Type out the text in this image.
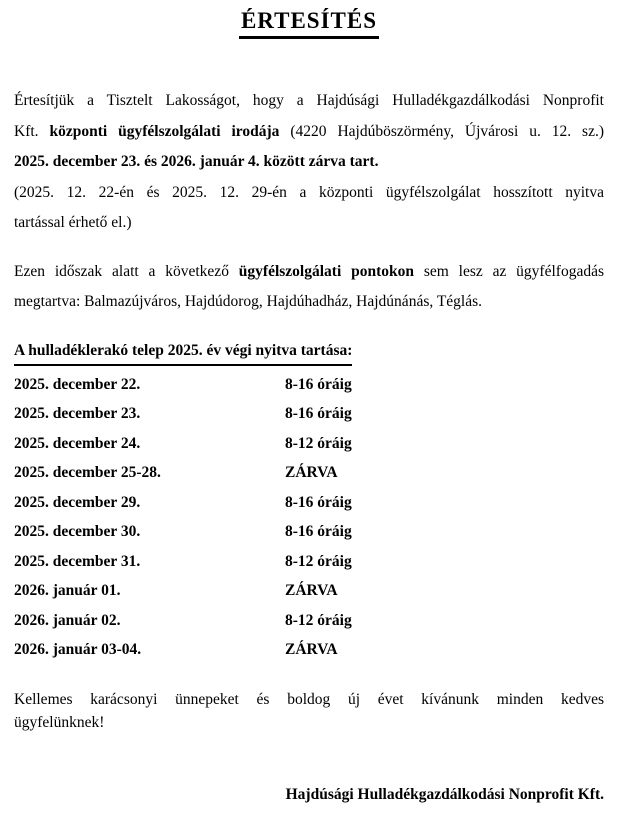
ÉRTESÍTÉS
Értesítjük a Tisztelt Lakosságot, hogy a Hajdúsági Hulladékgazdálkodási Nonprofit
Kft. központi ügyfélszolgálati irodája (4220 Hajdúböszörmény, Újvárosi u. 12. sz.)
2025. december 23. és 2026. január 4. között zárva tart.
(2025. 12. 22-én és 2025. 12. 29-én a központi ügyfélszolgálat hosszított nyitva
tartással érhető el.)
Ezen időszak alatt a következő ügyfélszolgálati pontokon sem lesz az ügyfélfogadás
megtartva: Balmazújváros, Hajdúdorog, Hajdúhadház, Hajdúnánás, Téglás.
A hulladéklerakó telep 2025. év végi nyitva tartása:
2025. december 22.	8-16 óráig
2025. december 23.	8-16 óráig
2025. december 24.	8-12 óráig
2025. december 25-28.	ZÁRVA
2025. december 29.	8-16 óráig
2025. december 30.	8-16 óráig
2025. december 31.	8-12 óráig
2026. január 01.	ZÁRVA
2026. január 02.	8-12 óráig
2026. január 03-04.	ZÁRVA
Kellemes karácsonyi ünnepeket és boldog új évet kívánunk minden kedves
ügyfelünknek!
Hajdúsági Hulladékgazdálkodási Nonprofit Kft.
